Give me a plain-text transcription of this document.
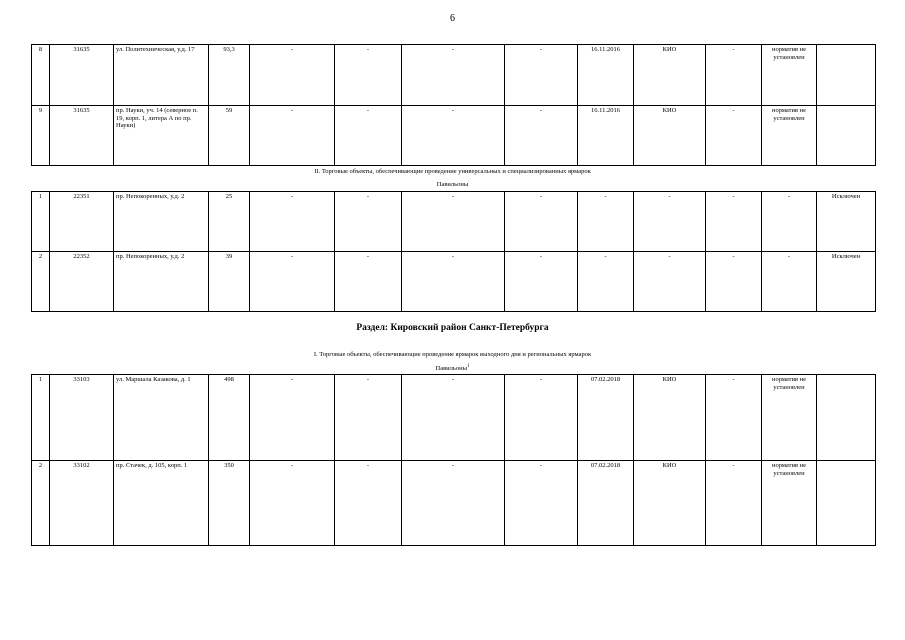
6
8	31635	ул. Политехническая, у.д. 17	93,3	-	-	-	-	16.11.2016	КИО	-	норматив не установлен	
9	31635	пр. Науки, уч. 14 (северное п. 19, корп. 1, литера А по пр. Науки)	59	-	-	-	-	16.11.2016	КИО	-	норматив не установлен	
II. Торговые объекты, обеспечивающие проведение универсальных и специализированных ярмарок
Павильоны
1	22351	пр. Непокоренных, у.д. 2	25	-	-	-	-	-	-	-	-	Исключен
2	22352	пр. Непокоренных, у.д. 2	39	-	-	-	-	-	-	-	-	Исключен
Раздел: Кировский район Санкт-Петербурга
I. Торговые объекты, обеспечивающие проведение ярмарок выходного дня и региональных ярмарок
Павильоны$^1$
1	33103	ул. Маршала Казакова, д. 1	498	-	-	-	-	07.02.2018	КИО	-	норматив не установлен	
2	33102	пр. Стачек, д. 105, корп. 1	350	-	-	-	-	07.02.2018	КИО	-	норматив не установлен	
